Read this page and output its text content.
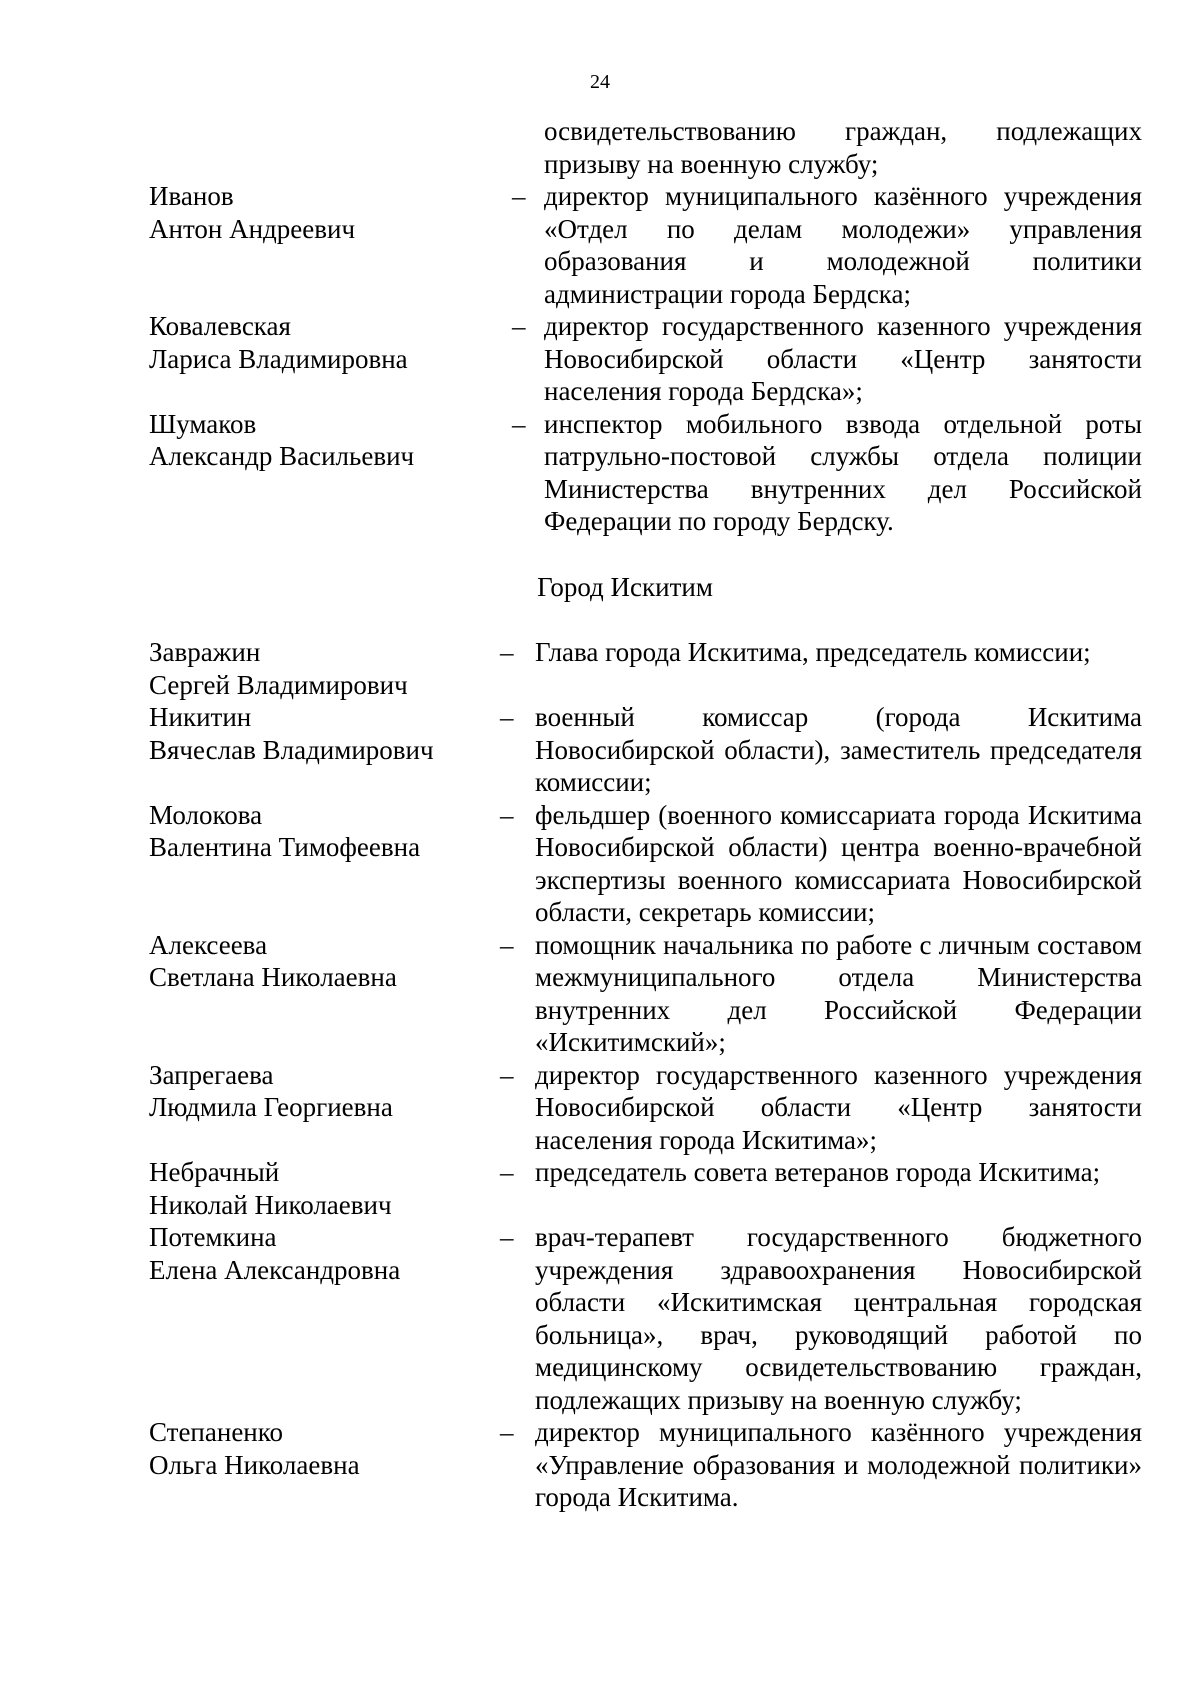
24
освидетельствованию граждан, подлежащих призыву на военную службу;
Иванов
Антон Андреевич
– директор муниципального казённого учреждения «Отдел по делам молодежи» управления образования и молодежной политики администрации города Бердска;
Ковалевская
Лариса Владимировна
– директор государственного казенного учреждения Новосибирской области «Центр занятости населения города Бердска»;
Шумаков
Александр Васильевич
– инспектор мобильного взвода отдельной роты патрульно-постовой службы отдела полиции Министерства внутренних дел Российской Федерации по городу Бердску.
Город Искитим
Завражин
Сергей Владимирович
– Глава города Искитима, председатель комиссии;
Никитин
Вячеслав Владимирович
– военный комиссар (города Искитима Новосибирской области), заместитель председателя комиссии;
Молокова
Валентина Тимофеевна
– фельдшер (военного комиссариата города Искитима Новосибирской области) центра военно-врачебной экспертизы военного комиссариата Новосибирской области, секретарь комиссии;
Алексеева
Светлана Николаевна
– помощник начальника по работе с личным составом межмуниципального отдела Министерства внутренних дел Российской Федерации «Искитимский»;
Запрегаева
Людмила Георгиевна
– директор государственного казенного учреждения Новосибирской области «Центр занятости населения города Искитима»;
Небрачный
Николай Николаевич
– председатель совета ветеранов города Искитима;
Потемкина
Елена Александровна
– врач-терапевт государственного бюджетного учреждения здравоохранения Новосибирской области «Искитимская центральная городская больница», врач, руководящий работой по медицинскому освидетельствованию граждан, подлежащих призыву на военную службу;
Степаненко
Ольга Николаевна
– директор муниципального казённого учреждения «Управление образования и молодежной политики» города Искитима.
